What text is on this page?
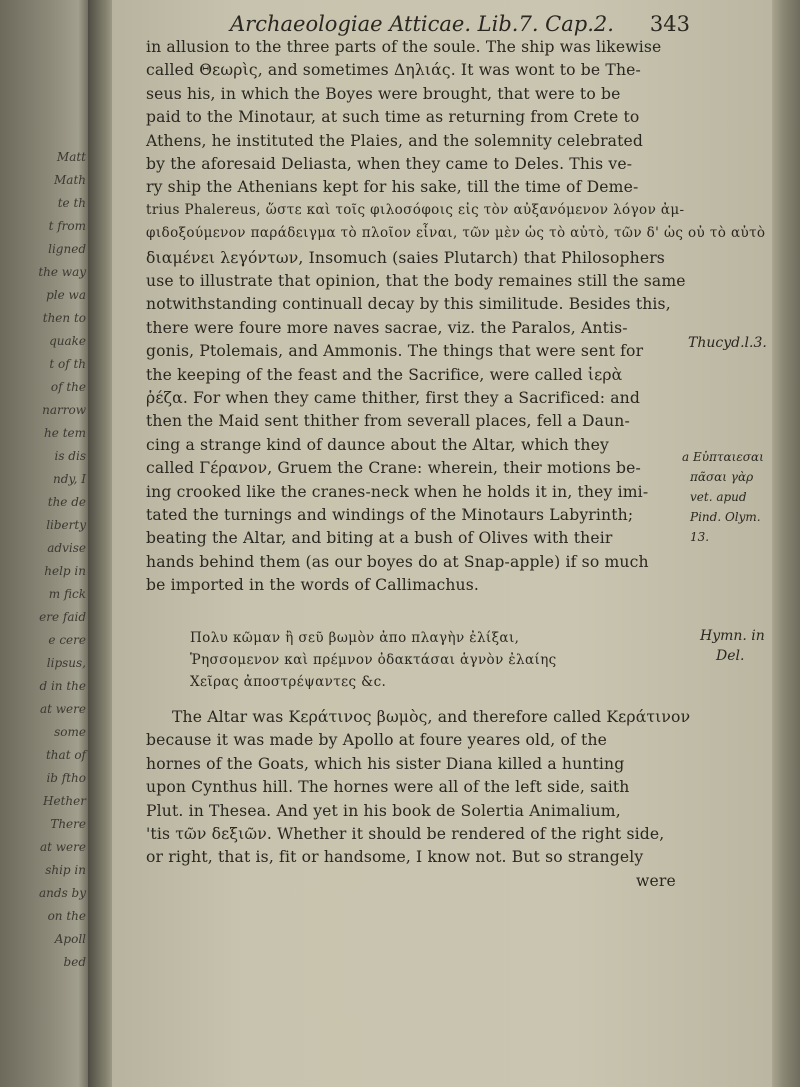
Matt
Math
te th
t from
ligned
the way
ple wa
then to
quake
t of th
of the
narrow
he tem
is dis
ndy, I
the de
liberty
advise
help in
m fick
ere faid
e cere
lipsus,
d in the
at were
some
that of
ib ftho
Hether
There
at were
ship in
ands by
on the
Apoll
bed
Archaeologiae Atticae. Lib.7. Cap.2. 343
in allusion to the three parts of the soule. The ship was likewise
called Θεωρὶς, and sometimes Δηλιάς. It was wont to be The-
seus his, in which the Boyes were brought, that were to be
paid to the Minotaur, at such time as returning from Crete to
Athens, he instituted the Plaies, and the solemnity celebrated
by the aforesaid Deliasta, when they came to Deles. This ve-
ry ship the Athenians kept for his sake, till the time of Deme-
trius Phalereus, ὥστε καὶ τοῖς φιλοσόφοις εἰς τὸν αὐξανόμενον λόγον ἀμ-
φιδοξούμενον παράδειγμα τὸ πλοῖον εἶναι, τῶν μὲν ὡς τὸ αὐτὸ, τῶν δ' ὡς οὐ τὸ αὐτὸ
διαμένει λεγόντων, Insomuch (saies Plutarch) that Philosophers
use to illustrate that opinion, that the body remaines still the same
notwithstanding continuall decay by this similitude. Besides this,
there were foure more naves sacrae, viz. the Paralos, Antis-
gonis, Ptolemais, and Ammonis. The things that were sent for
the keeping of the feast and the Sacrifice, were called ἱερὰ
ῥέζα. For when they came thither, first they a Sacrificed: and
then the Maid sent thither from severall places, fell a Daun-
cing a strange kind of daunce about the Altar, which they
called Γέρανον, Gruem the Crane: wherein, their motions be-
ing crooked like the cranes-neck when he holds it in, they imi-
tated the turnings and windings of the Minotaurs Labyrinth;
beating the Altar, and biting at a bush of Olives with their
hands behind them (as our boyes do at Snap-apple) if so much
be imported in the words of Callimachus.
Πολυ κῶμαν ἢ σεῦ βωμὸν ἀπο πλαγὴν ἐλίξαι,
Ῥησσομενον καὶ πρέμνον ὀδακτάσαι ἁγνὸν ἐλαίης
Χεῖρας ἀποστρέψαντες &c.
The Altar was Κεράτινος βωμὸς, and therefore called Κεράτινον
because it was made by Apollo at foure yeares old, of the
hornes of the Goats, which his sister Diana killed a hunting
upon Cynthus hill. The hornes were all of the left side, saith
Plut. in Thesea. And yet in his book de Solertia Animalium,
'tis τῶν δεξιῶν. Whether it should be rendered of the right side,
or right, that is, fit or handsome, I know not. But so strangely
were
Thucyd.l.3.
a Εὐπταιεσαι
πᾶσαι γὰρ
vet. apud
Pind. Olym.
13.
Hymn. in
Del.
